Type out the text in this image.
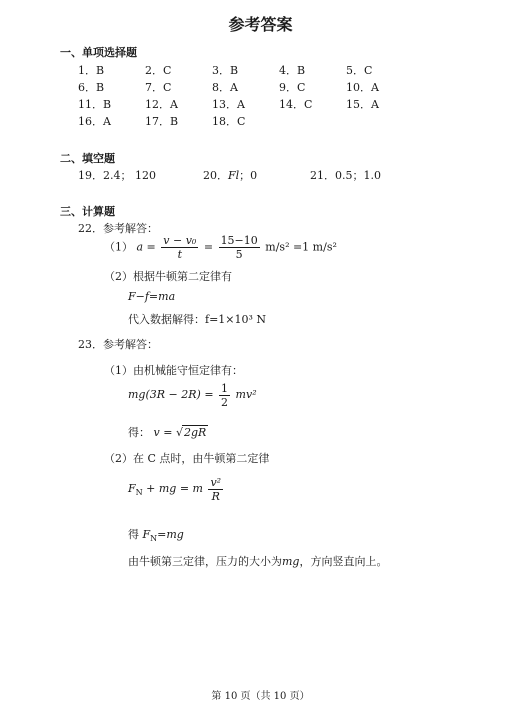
参考答案
一、单项选择题
1．B	2．C	3．B	4．B	5．C
6．B	7．C	8．A	9．C	10．A
11．B	12．A	13．A	14．C	15．A
16．A	17．B	18．C
二、填空题
19．2.4； 120	20．Fl；0	21．0.5；1.0
三、计算题
22．参考解答：
（1） $a = \frac{\text{v − v₀}}{t} = \frac{15-10}{5} m/s^2 =1$ m/s²
（2）根据牛顿第二定律有
F−f=ma
代入数据解得：f=1×10³ N
23．参考解答：
（1）由机械能守恒定律有：
$mg(3R - 2R) = \frac{1}{2} mv^2$
得： v = √2gR
（2）在 C 点时，由牛顿第二定律
$F_N$ + mg = m $\frac{\text{v²}}{R}$
得 $F_N=mg$
由牛顿第三定律，压力的大小为mg，方向竖直向上。
第 10 页（共 10 页）
